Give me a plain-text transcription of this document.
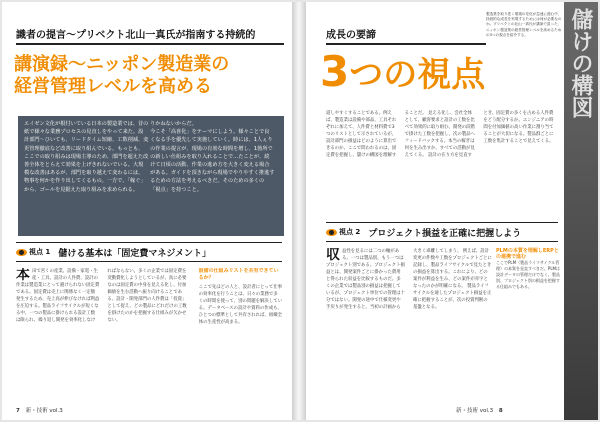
識者の提言～プリベクト北山一真氏が指南する持続的
講演録～ニッポン製造業の
経営管理レベルを高める
エイゼン文化が根付いている日本の製造業では、昔の紙で様々な業務プロセスの見直しをやって来た。設計部門～ひいても、リードタイム短縮、工数削減、変更管理徹底など改善に取り組んでいる。もっとも、ここでの取り組みは現場主導のため、部門を超えた改善全体をとらえて効果を上げきれないでいる。大規模な改善はあるが、部門を取り越えて変わるには、物事を何かを作り出してくるもの。一方で、「稼ぐ」から、ゴールを見据えた取り組みを求められる。 りかねないからだ。
今こそ「高喜化」をテーマにしよう。様々ことで良くなる手を優先して実施していく。時には、1人ぇりの作業の提言が、現場の有効な時間を増し、1箇所での新しい仕組みを取り入れることで…たことが、続けて日頃の活動、作業の進め方を大きく変える場合がある。ガイドを頂きながら現場でやりやすく推進するための方法を考えるべきだ。そのための多くの「視点」を持つこと。
視点 1 儲ける基本は「固定費マネジメント」
本 田で宮くの産業、設備・家電・生産・工具、設計の人件費、設計の作業は製造業にとって避けられない固定費である。固定費は売上に関係なく一定額発生するため、売上高が伸びなければ利益を圧迫する。製品ライフサイクルが短くなる中、一つの製品に掛けられる設計工数は限られ、繰り返し開発を効率化しなければならない。多くの企業では固定費を変動費化しようとしているが、真に必要なのは固定費の中身を見える化し、付加価値を生む活動へ振り向けることである。設計・開発部門の人件費は「投資」として捉え、どの製品にどれだけの工数を掛けたのかを把握する仕組みが欠かせない。
設備の仕組みリストを共有できているか？
ここで先ほどの人と、設計者にとって仕事の効率化を行うことは、日々の業務で多くの時間を使って、別の問題を解決している。データベースの設計や資料の作成も、ひとつの標準として共有されれば、組織全体の生産性が高まる。
7 新・技術 vol.3
成長の要諦
製造業を取り巻く環境の変化が急速に進む中、持続的な成長を実現するためには何が必要なのか。プリベクトの北山一真氏が講演で語った、ニッポン製造業の経営管理レベルを高めるための3つの視点を紹介する。
3つの視点	儲けの構図
道しやすくすることである。例えば、製造業は設備や部品、工具それぞれに加えて、人件費と材料費で3つのリストとして示されているが、設計部門の損益はどのように算出できるのか。ここで問われるのは、固定費を把握し、儲けの構図を理解することだ。 見える化し、会社全体として、顧客要求と設計の工数を比べて効果的に取り組む。開発の段階で掛けた工数を把握し、次の製品へフィードバックする。本当の稼ぎは何を生み出すか、すべての活動が見えてくる。 設計の在り方を見直すとき、固定費の多くを占める人件費をどう配分するか。エンジニアの時間を付加価値の高い作業に割り当てることが大切になる。製品群ごとに工数を集計することで見えてくる。
視点 2 プロジェクト損益を正確に把握しよう
収 益性を見るには二つの軸がある。一つは製品別、もう一つはプロジェクト別である。プロジェクト損益とは、開発案件ごとに掛かった費用と得られた収益を比較するものだ。多くの企業では製品別の損益は把握しているが、プロジェクト単位での管理は十分ではない。開発の途中で仕様変更や手戻りが発生すると、当初の計画から大きく乖離してしまう。 例えば、設計変更の件数や工数をプロジェクトごとに記録し、製品ライフサイクルで見たときの損益を算出する。これにより、どの案件が利益を生み、どの案件が赤字となったのかが明確になる。 製品ライフサイクルを通したプロジェクト損益を正確に把握することが、次の投資判断の基盤となる。
PLMの本質を理解しERPとの連携で進む
ここでPLM（製品ライフサイクル管理）の本質を見直すべきだ。PLMは設計データの管理だけでなく、製品別、プロジェクト別の損益を把握する仕組みでもある。
新・技術 vol.3 8
